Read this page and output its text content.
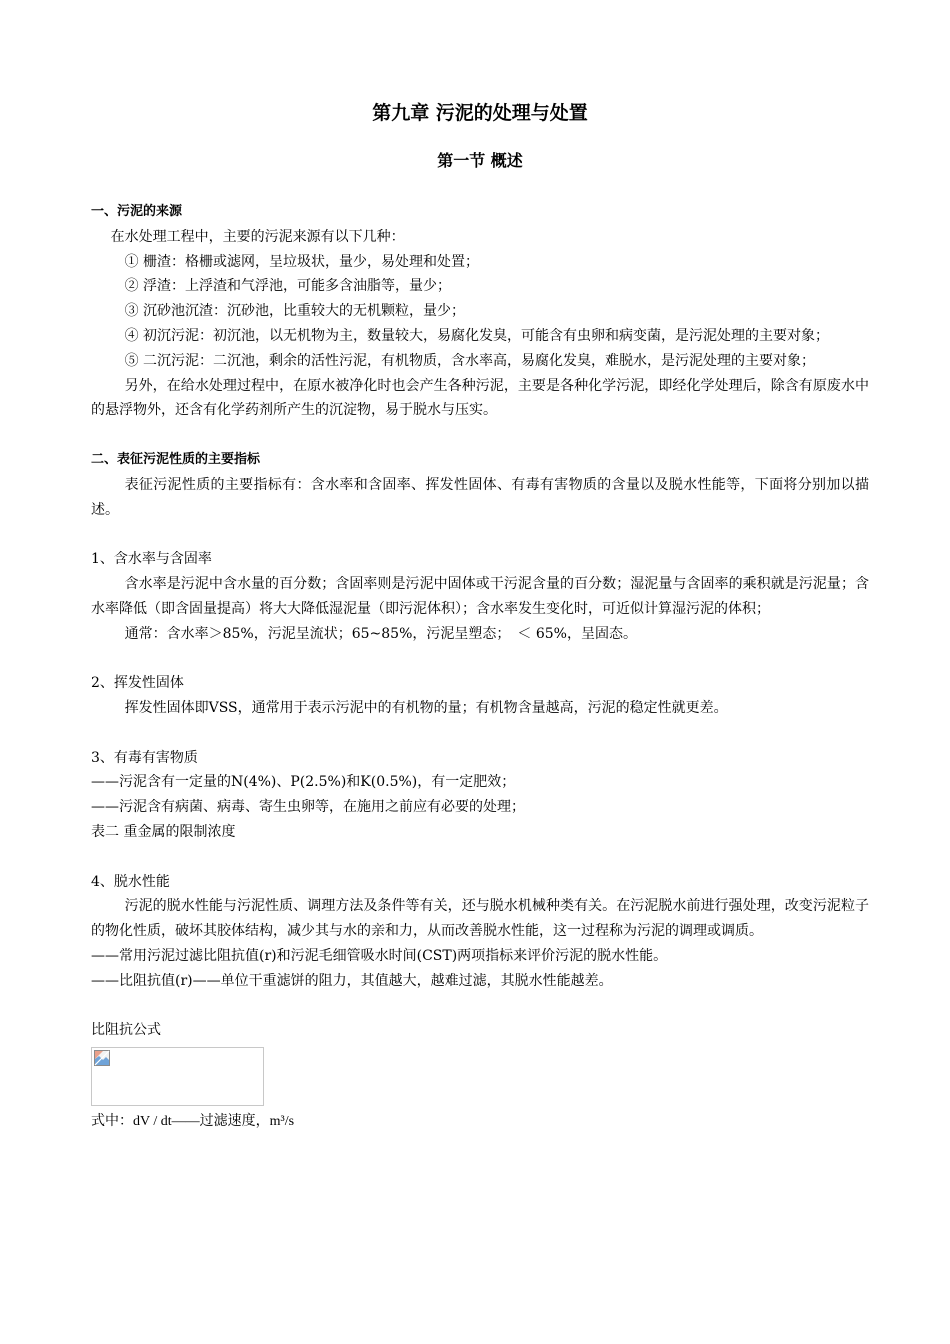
第九章 污泥的处理与处置
第一节 概述

一、污泥的来源

在水处理工程中，主要的污泥来源有以下几种：

① 栅渣：格栅或滤网，呈垃圾状，量少，易处理和处置；

② 浮渣：上浮渣和气浮池，可能多含油脂等，量少；

③ 沉砂池沉渣：沉砂池，比重较大的无机颗粒，量少；

④ 初沉污泥：初沉池，以无机物为主，数量较大，易腐化发臭，可能含有虫卵和病变菌，是污泥处理的主要对象；

⑤ 二沉污泥：二沉池，剩余的活性污泥，有机物质，含水率高，易腐化发臭，难脱水，是污泥处理的主要对象；

另外，在给水处理过程中，在原水被净化时也会产生各种污泥，主要是各种化学污泥，即经化学处理后，除含有原废水中的悬浮物外，还含有化学药剂所产生的沉淀物，易于脱水与压实。

二、表征污泥性质的主要指标

表征污泥性质的主要指标有：含水率和含固率、挥发性固体、有毒有害物质的含量以及脱水性能等，下面将分别加以描述。

1、含水率与含固率

含水率是污泥中含水量的百分数；含固率则是污泥中固体或干污泥含量的百分数；湿泥量与含固率的乘积就是污泥量；含水率降低（即含固量提高）将大大降低湿泥量（即污泥体积）；含水率发生变化时，可近似计算湿污泥的体积；

通常：含水率＞85%，污泥呈流状；65~85%，污泥呈塑态；　＜ 65%，呈固态。

2、挥发性固体

挥发性固体即VSS，通常用于表示污泥中的有机物的量；有机物含量越高，污泥的稳定性就更差。

3、有毒有害物质

——污泥含有一定量的N(4%)、P(2.5%)和K(0.5%)，有一定肥效；

——污泥含有病菌、病毒、寄生虫卵等，在施用之前应有必要的处理；

表二 重金属的限制浓度

4、脱水性能

污泥的脱水性能与污泥性质、调理方法及条件等有关，还与脱水机械种类有关。在污泥脱水前进行强处理，改变污泥粒子的物化性质，破坏其胶体结构，减少其与水的亲和力，从而改善脱水性能，这一过程称为污泥的调理或调质。

——常用污泥过滤比阻抗值(r)和污泥毛细管吸水时间(CST)两项指标来评价污泥的脱水性能。

——比阻抗值(r)——单位干重滤饼的阻力，其值越大，越难过滤，其脱水性能越差。

比阻抗公式

式中：dV / dt——过滤速度，m³/s
